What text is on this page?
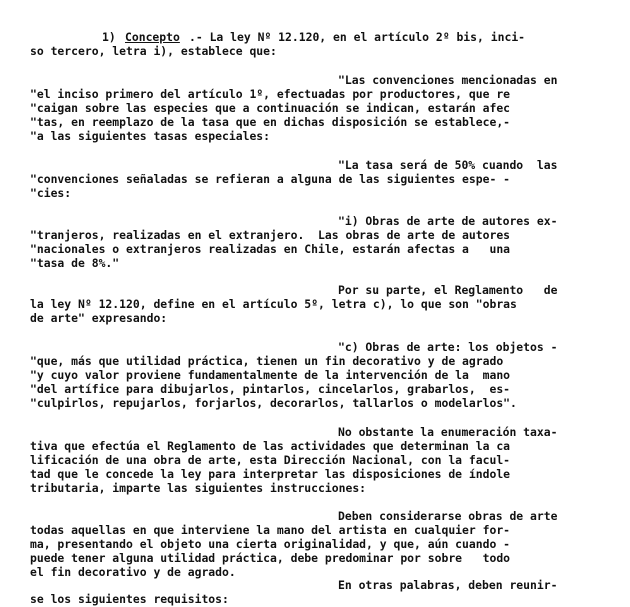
1) Concepto .- La ley Nº 12.120, en el artículo 2º bis, inci-
so tercero, letra i), establece que:
"Las convenciones mencionadas en
"el inciso primero del artículo 1º, efectuadas por productores, que re
"caigan sobre las especies que a continuación se indican, estarán afec
"tas, en reemplazo de la tasa que en dichas disposición se establece,-
"a las siguientes tasas especiales:
"La tasa será de 50% cuando  las
"convenciones señaladas se refieran a alguna de las siguientes espe- -
"cies:
"i) Obras de arte de autores ex-
"tranjeros, realizadas en el extranjero.  Las obras de arte de autores
"nacionales o extranjeros realizadas en Chile, estarán afectas a   una
"tasa de 8%."
Por su parte, el Reglamento   de
la ley Nº 12.120, define en el artículo 5º, letra c), lo que son "obras
de arte" expresando:
"c) Obras de arte: los objetos -
"que, más que utilidad práctica, tienen un fin decorativo y de agrado
"y cuyo valor proviene fundamentalmente de la intervención de la  mano
"del artífice para dibujarlos, pintarlos, cincelarlos, grabarlos,  es-
"culpirlos, repujarlos, forjarlos, decorarlos, tallarlos o modelarlos".
No obstante la enumeración taxa-
tiva que efectúa el Reglamento de las actividades que determinan la ca
lificación de una obra de arte, esta Dirección Nacional, con la facul-
tad que le concede la ley para interpretar las disposiciones de índole
tributaria, imparte las siguientes instrucciones:
Deben considerarse obras de arte
todas aquellas en que interviene la mano del artista en cualquier for-
ma, presentando el objeto una cierta originalidad, y que, aún cuando -
puede tener alguna utilidad práctica, debe predominar por sobre   todo
el fin decorativo y de agrado.
En otras palabras, deben reunir-
se los siguientes requisitos:
